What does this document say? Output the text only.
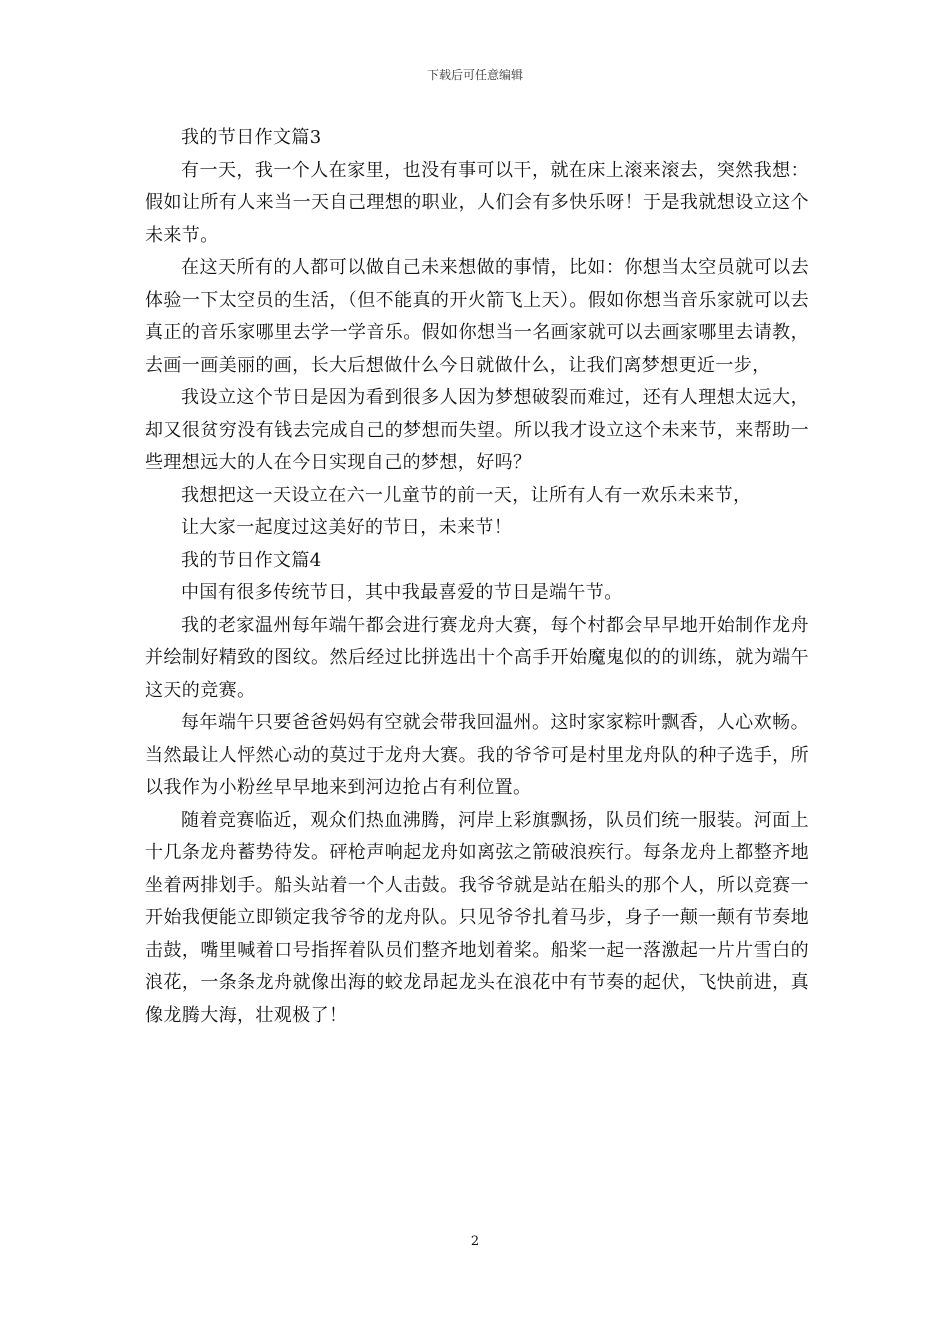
下载后可任意编辑

我的节日作文篇3

有一天，我一个人在家里，也没有事可以干，就在床上滚来滚去，突然我想：假如让所有人来当一天自己理想的职业，人们会有多快乐呀！于是我就想设立这个未来节。

在这天所有的人都可以做自己未来想做的事情，比如：你想当太空员就可以去体验一下太空员的生活，（但不能真的开火箭飞上天）。假如你想当音乐家就可以去真正的音乐家哪里去学一学音乐。假如你想当一名画家就可以去画家哪里去请教，去画一画美丽的画，长大后想做什么今日就做什么，让我们离梦想更近一步，

我设立这个节日是因为看到很多人因为梦想破裂而难过，还有人理想太远大，却又很贫穷没有钱去完成自己的梦想而失望。所以我才设立这个未来节，来帮助一些理想远大的人在今日实现自己的梦想，好吗？

我想把这一天设立在六一儿童节的前一天，让所有人有一欢乐未来节，

让大家一起度过这美好的节日，未来节！

我的节日作文篇4

中国有很多传统节日，其中我最喜爱的节日是端午节。

我的老家温州每年端午都会进行赛龙舟大赛，每个村都会早早地开始制作龙舟并绘制好精致的图纹。然后经过比拼选出十个高手开始魔鬼似的的训练，就为端午这天的竞赛。

每年端午只要爸爸妈妈有空就会带我回温州。这时家家粽叶飘香，人心欢畅。当然最让人怦然心动的莫过于龙舟大赛。我的爷爷可是村里龙舟队的种子选手，所以我作为小粉丝早早地来到河边抢占有利位置。

随着竞赛临近，观众们热血沸腾，河岸上彩旗飘扬，队员们统一服装。河面上十几条龙舟蓄势待发。砰枪声响起龙舟如离弦之箭破浪疾行。每条龙舟上都整齐地坐着两排划手。船头站着一个人击鼓。我爷爷就是站在船头的那个人，所以竞赛一开始我便能立即锁定我爷爷的龙舟队。只见爷爷扎着马步，身子一颠一颠有节奏地击鼓，嘴里喊着口号指挥着队员们整齐地划着桨。船桨一起一落激起一片片雪白的浪花，一条条龙舟就像出海的蛟龙昂起龙头在浪花中有节奏的起伏，飞快前进，真像龙腾大海，壮观极了！

2
